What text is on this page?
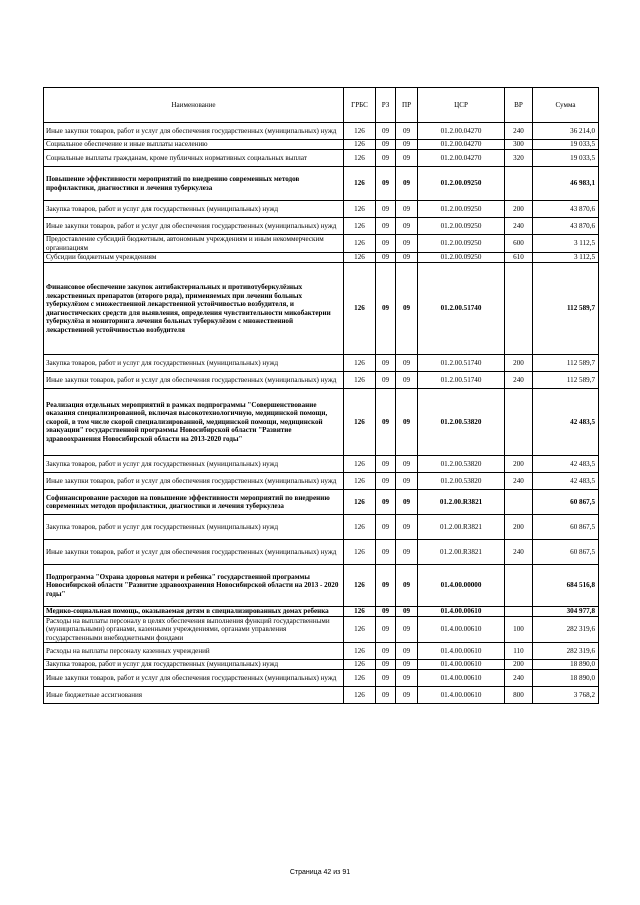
Наименование	ГРБС	РЗ	ПР	ЦСР	ВР	Сумма
Иные закупки товаров, работ и услуг для обеспечения государственных (муниципальных) нужд	126	09	09	01.2.00.04270	240	36 214,0
Социальное обеспечение и иные выплаты населению	126	09	09	01.2.00.04270	300	19 033,5
Социальные выплаты гражданам, кроме публичных нормативных социальных выплат	126	09	09	01.2.00.04270	320	19 033,5
Повышение эффективности мероприятий по внедрению современных методов профилактики, диагностики и лечения туберкулеза	126	09	09	01.2.00.09250		46 983,1
Закупка товаров, работ и услуг для государственных (муниципальных) нужд	126	09	09	01.2.00.09250	200	43 870,6
Иные закупки товаров, работ и услуг для обеспечения государственных (муниципальных) нужд	126	09	09	01.2.00.09250	240	43 870,6
Предоставление субсидий бюджетным, автономным учреждениям и иным некоммерческим организациям	126	09	09	01.2.00.09250	600	3 112,5
Субсидии бюджетным учреждениям	126	09	09	01.2.00.09250	610	3 112,5
Финансовое обеспечение закупок антибактериальных и противотуберкулёзных лекарственных препаратов (второго ряда), применяемых при лечении больных туберкулёзом с множественной лекарственной устойчивостью возбудителя, и диагностических средств для выявления, определения чувствительности микобактерии туберкулёза и мониторинга лечения больных туберкулёзом с множественной лекарственной устойчивостью возбудителя	126	09	09	01.2.00.51740		112 589,7
Закупка товаров, работ и услуг для государственных (муниципальных) нужд	126	09	09	01.2.00.51740	200	112 589,7
Иные закупки товаров, работ и услуг для обеспечения государственных (муниципальных) нужд	126	09	09	01.2.00.51740	240	112 589,7
Реализация отдельных мероприятий в рамках подпрограммы "Совершенствование оказания специализированной, включая высокотехнологичную, медицинской помощи, скорой, в том числе скорой специализированной, медицинской помощи, медицинской эвакуации" государственной программы Новосибирской области "Развитие здравоохранения Новосибирской области на 2013-2020 годы"	126	09	09	01.2.00.53820		42 483,5
Закупка товаров, работ и услуг для государственных (муниципальных) нужд	126	09	09	01.2.00.53820	200	42 483,5
Иные закупки товаров, работ и услуг для обеспечения государственных (муниципальных) нужд	126	09	09	01.2.00.53820	240	42 483,5
Софинансирование расходов на повышение эффективности мероприятий по внедрению современных методов профилактики, диагностики и лечения туберкулеза	126	09	09	01.2.00.R3821		60 867,5
Закупка товаров, работ и услуг для государственных (муниципальных) нужд	126	09	09	01.2.00.R3821	200	60 867,5
Иные закупки товаров, работ и услуг для обеспечения государственных (муниципальных) нужд	126	09	09	01.2.00.R3821	240	60 867,5
Подпрограмма "Охрана здоровья матери и ребенка" государственной программы Новосибирской области "Развитие здравоохранения Новосибирской области на 2013 - 2020 годы"	126	09	09	01.4.00.00000		684 516,8
Медико-социальная помощь, оказываемая детям в специализированных домах ребенка	126	09	09	01.4.00.00610		304 977,8
Расходы на выплаты персоналу в целях обеспечения выполнения функций государственными (муниципальными) органами, казенными учреждениями, органами управления государственными внебюджетными фондами	126	09	09	01.4.00.00610	100	282 319,6
Расходы на выплаты персоналу казенных учреждений	126	09	09	01.4.00.00610	110	282 319,6
Закупка товаров, работ и услуг для государственных (муниципальных) нужд	126	09	09	01.4.00.00610	200	18 890,0
Иные закупки товаров, работ и услуг для обеспечения государственных (муниципальных) нужд	126	09	09	01.4.00.00610	240	18 890,0
Иные бюджетные ассигнования	126	09	09	01.4.00.00610	800	3 768,2
Страница 42 из 91
